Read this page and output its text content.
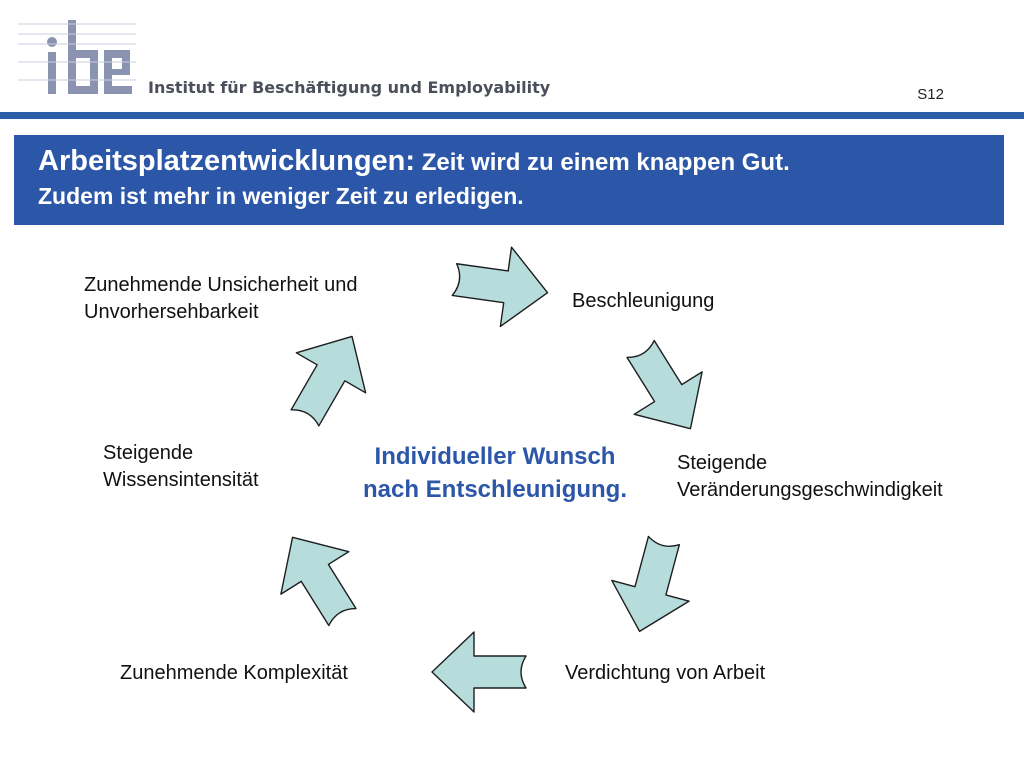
Institut für Beschäftigung und Employability	S12
Arbeitsplatzentwicklungen: Zeit wird zu einem knappen Gut.
Zudem ist mehr in weniger Zeit zu erledigen.
Beschleunigung
Steigende
Veränderungsgeschwindigkeit
Verdichtung von Arbeit
Zunehmende Komplexität
Steigende
Wissensintensität
Zunehmende Unsicherheit und
Unvorhersehbarkeit
Individueller Wunsch
nach Entschleunigung.
